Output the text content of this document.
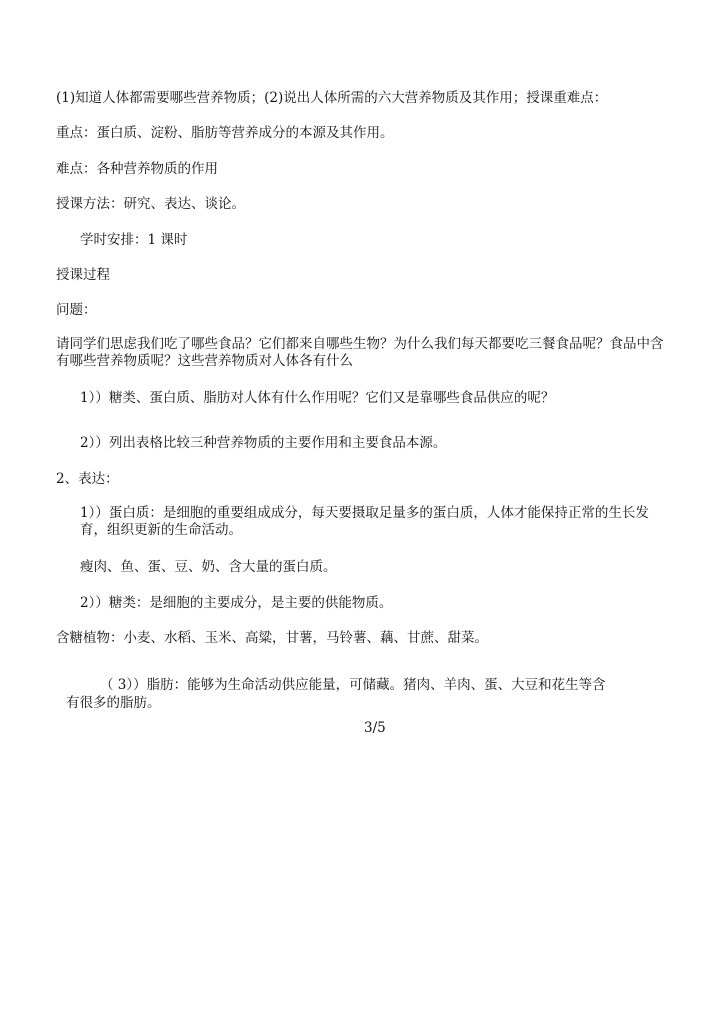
(1)知道人体都需要哪些营养物质；(2)说出人体所需的六大营养物质及其作用；授课重难点：

重点：蛋白质、淀粉、脂肪等营养成分的本源及其作用。

难点：各种营养物质的作用

授课方法：研究、表达、谈论。

学时安排：1 课时

授课过程

问题：

请同学们思虑我们吃了哪些食品？它们都来自哪些生物？为什么我们每天都要吃三餐食品呢？食品中含有哪些营养物质呢？这些营养物质对人体各有什么

1））糖类、蛋白质、脂肪对人体有什么作用呢？它们又是靠哪些食品供应的呢？

2））列出表格比较三种营养物质的主要作用和主要食品本源。

2、表达：

1））蛋白质：是细胞的重要组成成分，每天要摄取足量多的蛋白质，人体才能保持正常的生长发育，组织更新的生命活动。

瘦肉、鱼、蛋、豆、奶、含大量的蛋白质。

2））糖类：是细胞的主要成分，是主要的供能物质。

含糖植物：小麦、水稻、玉米、高粱，甘薯，马铃薯、藕、甘蔗、甜菜。

（ 3））脂肪：能够为生命活动供应能量，可储藏。猪肉、羊肉、蛋、大豆和花生等含

有很多的脂肪。

3/5
